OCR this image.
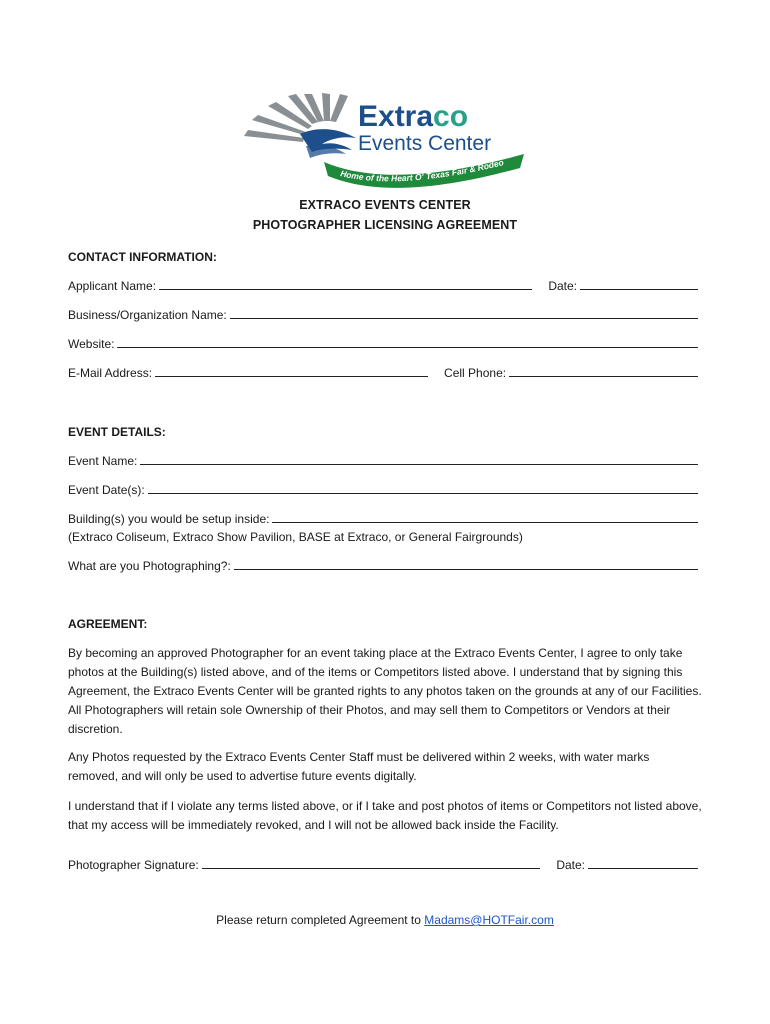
Extraco
Events Center
Home of the Heart O' Texas Fair & Rodeo
EXTRACO EVENTS CENTER
PHOTOGRAPHER LICENSING AGREEMENT
CONTACT INFORMATION:
Applicant Name:	Date:
Business/Organization Name:
Website:
E-Mail Address:	Cell Phone:
EVENT DETAILS:
Event Name:
Event Date(s):
Building(s) you would be setup inside:
(Extraco Coliseum, Extraco Show Pavilion, BASE at Extraco, or General Fairgrounds)
What are you Photographing?:
AGREEMENT:
By becoming an approved Photographer for an event taking place at the Extraco Events Center, I agree to only take photos at the Building(s) listed above, and of the items or Competitors listed above. I understand that by signing this Agreement, the Extraco Events Center will be granted rights to any photos taken on the grounds at any of our Facilities. All Photographers will retain sole Ownership of their Photos, and may sell them to Competitors or Vendors at their discretion.
Any Photos requested by the Extraco Events Center Staff must be delivered within 2 weeks, with water marks removed, and will only be used to advertise future events digitally.
I understand that if I violate any terms listed above, or if I take and post photos of items or Competitors not listed above, that my access will be immediately revoked, and I will not be allowed back inside the Facility.
Photographer Signature:	Date:
Please return completed Agreement to Madams@HOTFair.com
